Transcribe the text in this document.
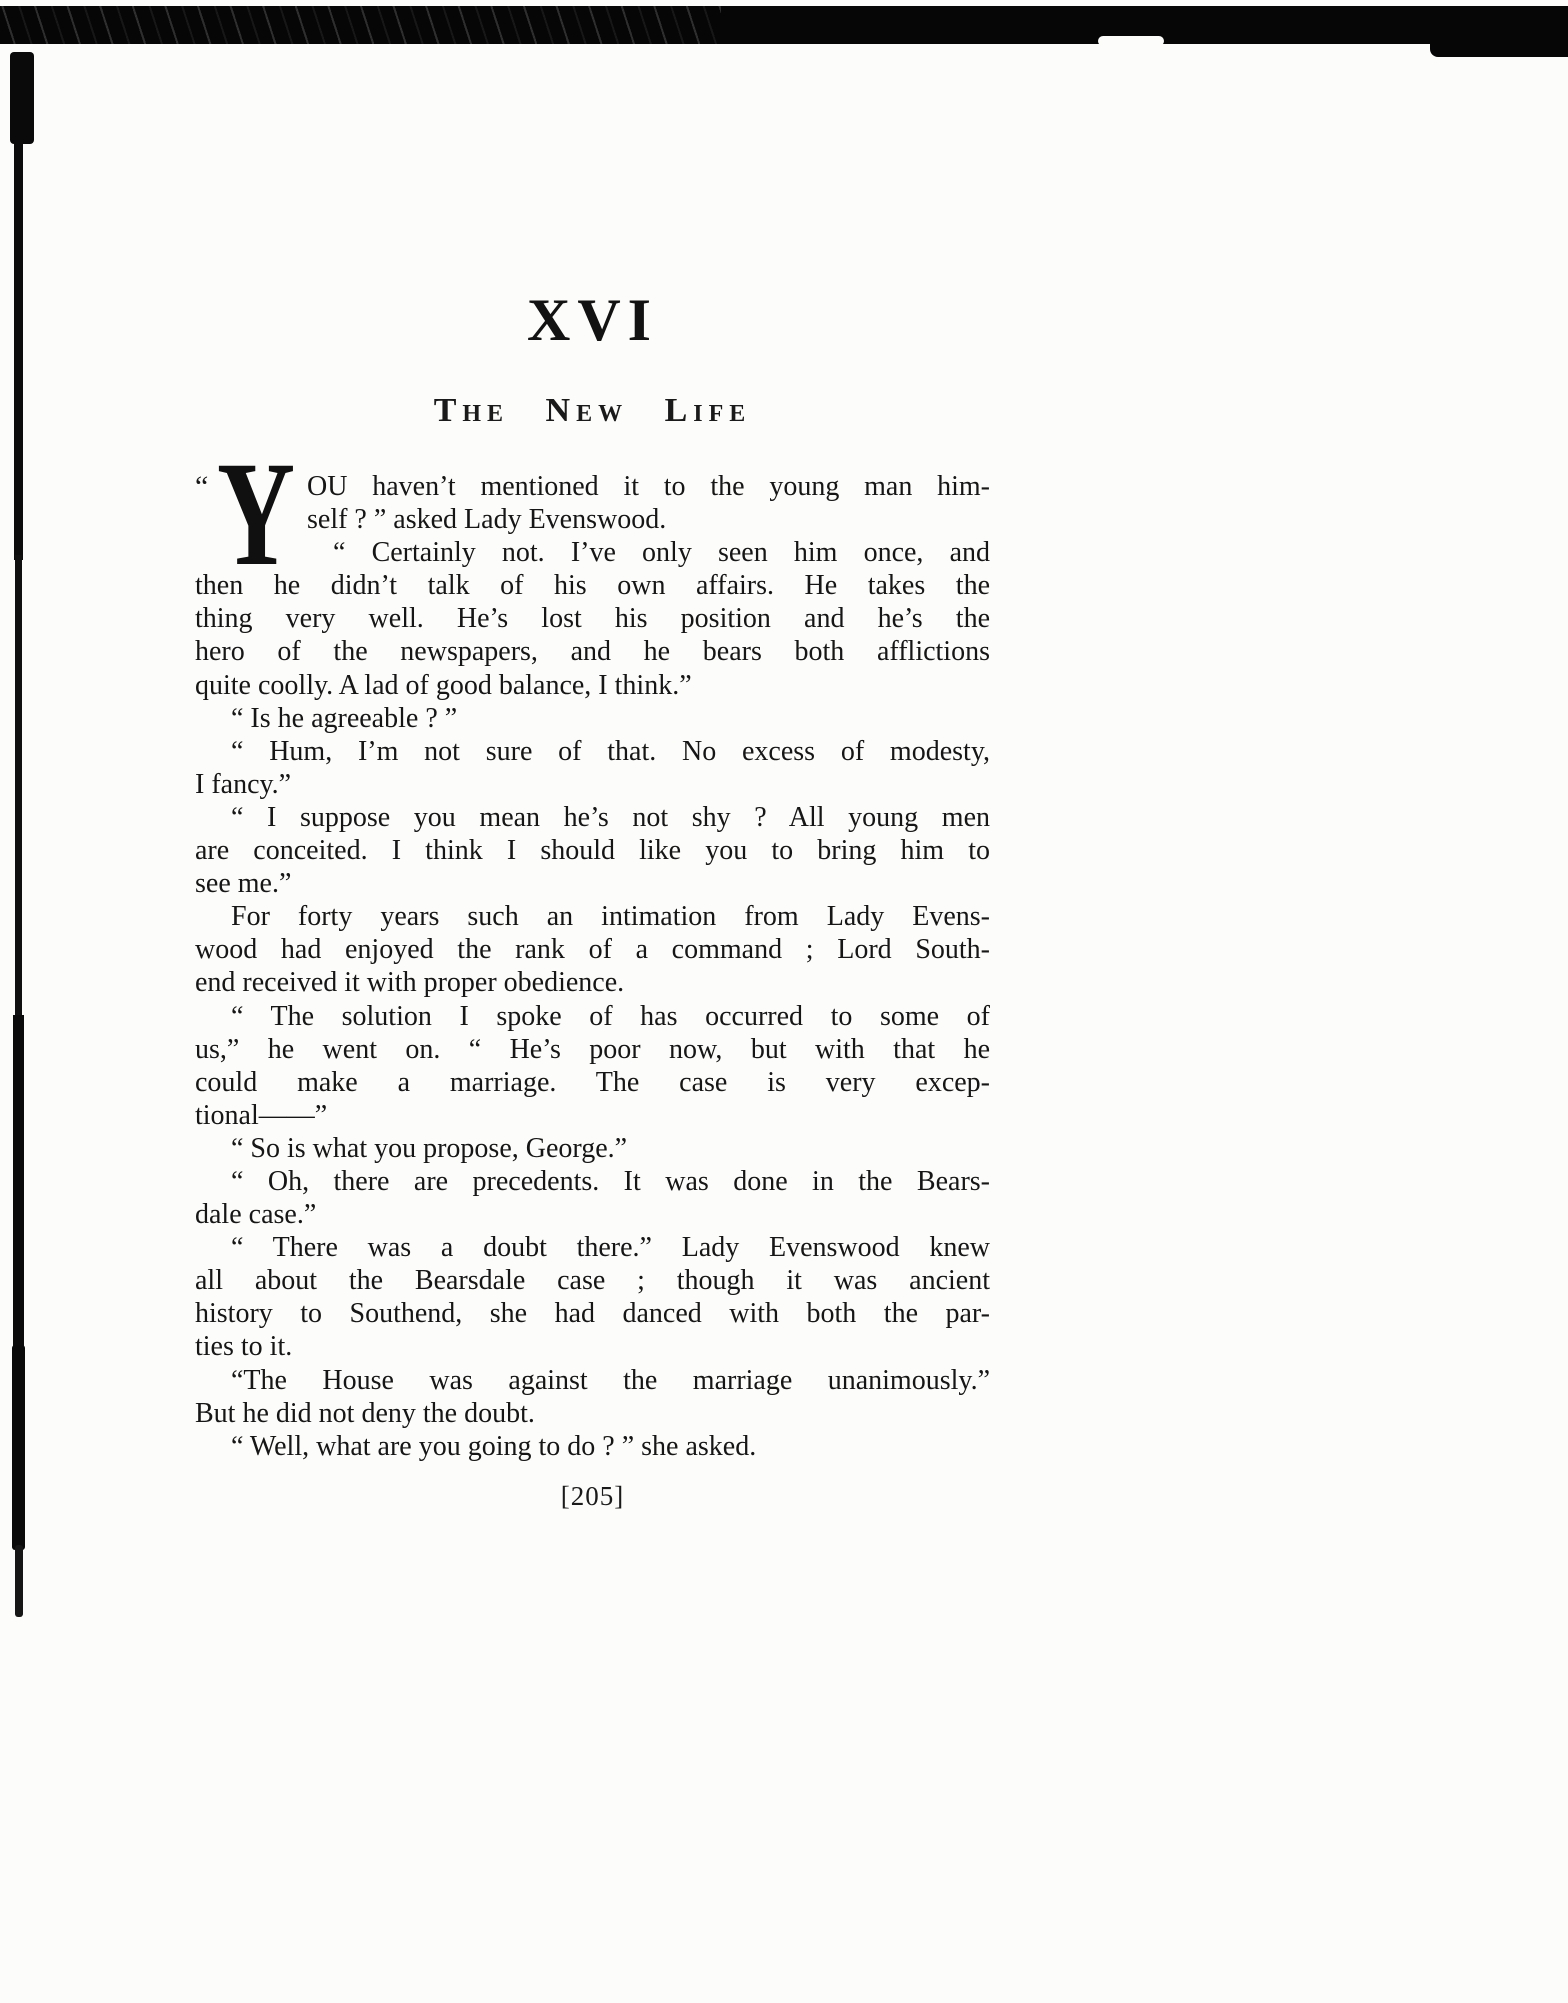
XVI
The New Life
“ Y OU haven’t mentioned it to the young man him-
self ? ” asked Lady Evenswood.
“ Certainly not. I’ve only seen him once, and
then he didn’t talk of his own affairs. He takes the
thing very well. He’s lost his position and he’s the
hero of the newspapers, and he bears both afflictions
quite coolly. A lad of good balance, I think.”
“ Is he agreeable ? ”
“ Hum, I’m not sure of that. No excess of modesty,
I fancy.”
“ I suppose you mean he’s not shy ? All young men
are conceited. I think I should like you to bring him to
see me.”
For forty years such an intimation from Lady Evens-
wood had enjoyed the rank of a command ; Lord South-
end received it with proper obedience.
“ The solution I spoke of has occurred to some of
us,” he went on. “ He’s poor now, but with that he
could make a marriage. The case is very excep-
tional——”
“ So is what you propose, George.”
“ Oh, there are precedents. It was done in the Bears-
dale case.”
“ There was a doubt there.” Lady Evenswood knew
all about the Bearsdale case ; though it was ancient
history to Southend, she had danced with both the par-
ties to it.
“The House was against the marriage unanimously.”
But he did not deny the doubt.
“ Well, what are you going to do ? ” she asked.
[205]
